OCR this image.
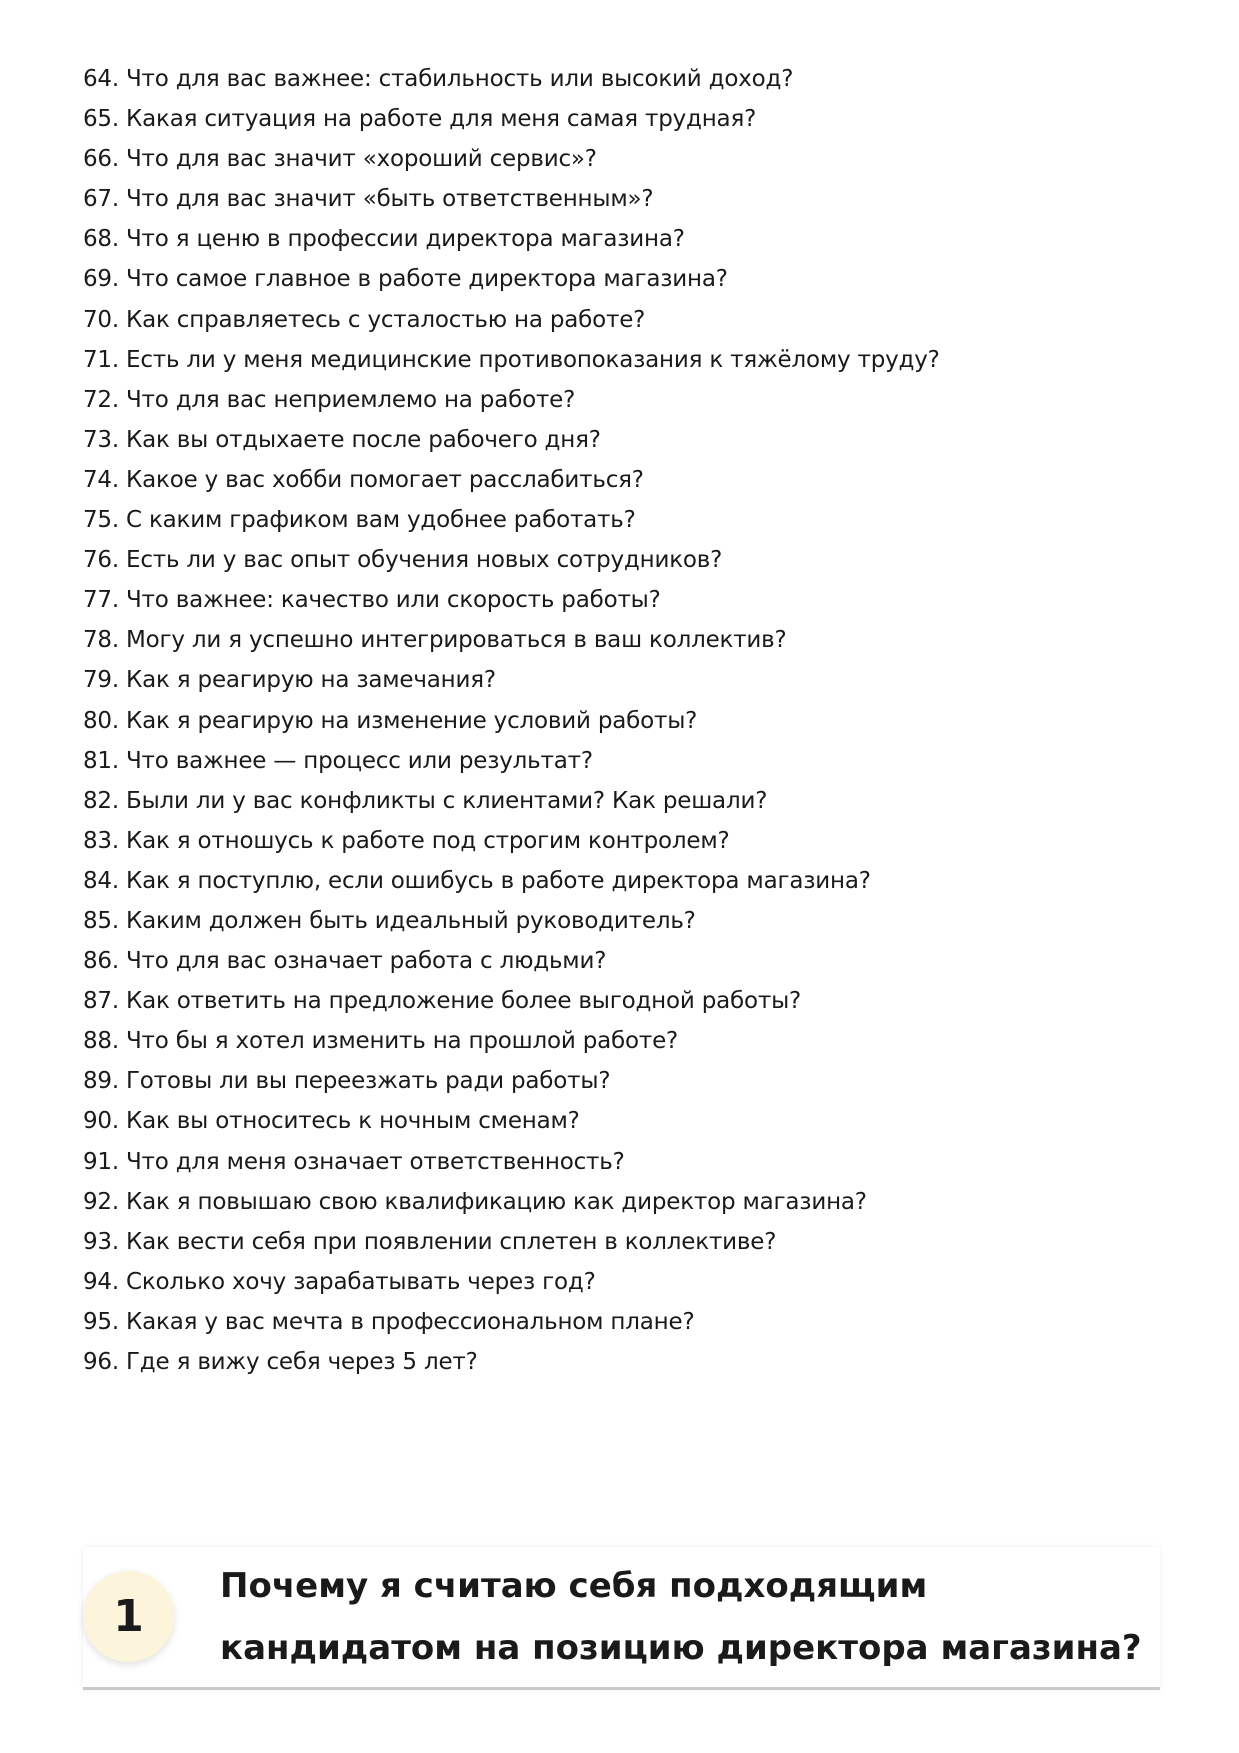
64. Что для вас важнее: стабильность или высокий доход?
65. Какая ситуация на работе для меня самая трудная?
66. Что для вас значит «хороший сервис»?
67. Что для вас значит «быть ответственным»?
68. Что я ценю в профессии директора магазина?
69. Что самое главное в работе директора магазина?
70. Как справляетесь с усталостью на работе?
71. Есть ли у меня медицинские противопоказания к тяжёлому труду?
72. Что для вас неприемлемо на работе?
73. Как вы отдыхаете после рабочего дня?
74. Какое у вас хобби помогает расслабиться?
75. С каким графиком вам удобнее работать?
76. Есть ли у вас опыт обучения новых сотрудников?
77. Что важнее: качество или скорость работы?
78. Могу ли я успешно интегрироваться в ваш коллектив?
79. Как я реагирую на замечания?
80. Как я реагирую на изменение условий работы?
81. Что важнее — процесс или результат?
82. Были ли у вас конфликты с клиентами? Как решали?
83. Как я отношусь к работе под строгим контролем?
84. Как я поступлю, если ошибусь в работе директора магазина?
85. Каким должен быть идеальный руководитель?
86. Что для вас означает работа с людьми?
87. Как ответить на предложение более выгодной работы?
88. Что бы я хотел изменить на прошлой работе?
89. Готовы ли вы переезжать ради работы?
90. Как вы относитесь к ночным сменам?
91. Что для меня означает ответственность?
92. Как я повышаю свою квалификацию как директор магазина?
93. Как вести себя при появлении сплетен в коллективе?
94. Сколько хочу зарабатывать через год?
95. Какая у вас мечта в профессиональном плане?
96. Где я вижу себя через 5 лет?
1
Почему я считаю себя подходящим кандидатом на позицию директора магазина?
